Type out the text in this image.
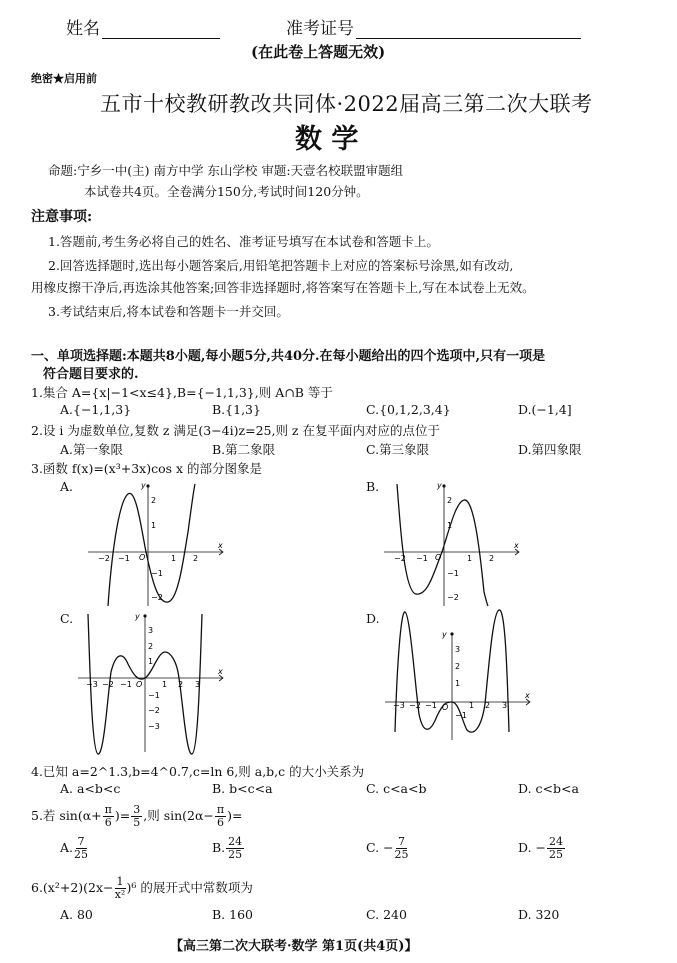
姓名	准考证号
(在此卷上答题无效)
绝密★启用前
五市十校教研教改共同体·2022届高三第二次大联考
数 学
命题:宁乡一中(主) 南方中学 东山学校 审题:天壹名校联盟审题组
本试卷共4页。全卷满分150分,考试时间120分钟。
注意事项:
1.答题前,考生务必将自己的姓名、准考证号填写在本试卷和答题卡上。
2.回答选择题时,选出每小题答案后,用铅笔把答题卡上对应的答案标号涂黑,如有改动,
用橡皮擦干净后,再选涂其他答案;回答非选择题时,将答案写在答题卡上,写在本试卷上无效。
3.考试结束后,将本试卷和答题卡一并交回。
一、单项选择题:本题共8小题,每小题5分,共40分.在每小题给出的四个选项中,只有一项是
符合题目要求的.
1.集合 A={x|−1<x≤4},B={−1,1,3},则 A∩B 等于
A.{−1,1,3}	B.{1,3}	C.{0,1,2,3,4}	D.(−1,4]
2.设 i 为虚数单位,复数 z 满足(3−4i)z=25,则 z 在复平面内对应的点位于
A.第一象限	B.第二象限	C.第三象限	D.第四象限
3.函数 f(x)=(x³+3x)cos x 的部分图象是
A.	B.
C.	D.
y
x
O
−2 −1	1 2
2
1
−1
−2
y
x
O
−2 −1	1 2
2
1
−1
−2
y
x
O
−3 −2 −1	1 2 3
3
2
1
−1
−2
−3
y
x
O
−3 −2 −1	1 2 3
3
2
1
−1
4.已知 a=2^1.3,b=4^0.7,c=ln 6,则 a,b,c 的大小关系为
A. a<b<c	B. b<c<a	C. c<a<b	D. c<b<a
5.若 $\sin(\alpha+ \frac{\pi}{6}$ )= $\frac{3}{5}$ ,则 $\sin(2\alpha- \frac{\pi}{6}$ )=
A. $\frac{7}{25}$	B. $\frac{24}{25}$	C. − $\frac{7}{25}$	D. − $\frac{24}{25}$
$6.(x^2+2)(2x- \frac{1}{\text{x²}} )^6$ 的展开式中常数项为
A. 80	B. 160	C. 240	D. 320
【高三第二次大联考·数学 第1页(共4页)】
